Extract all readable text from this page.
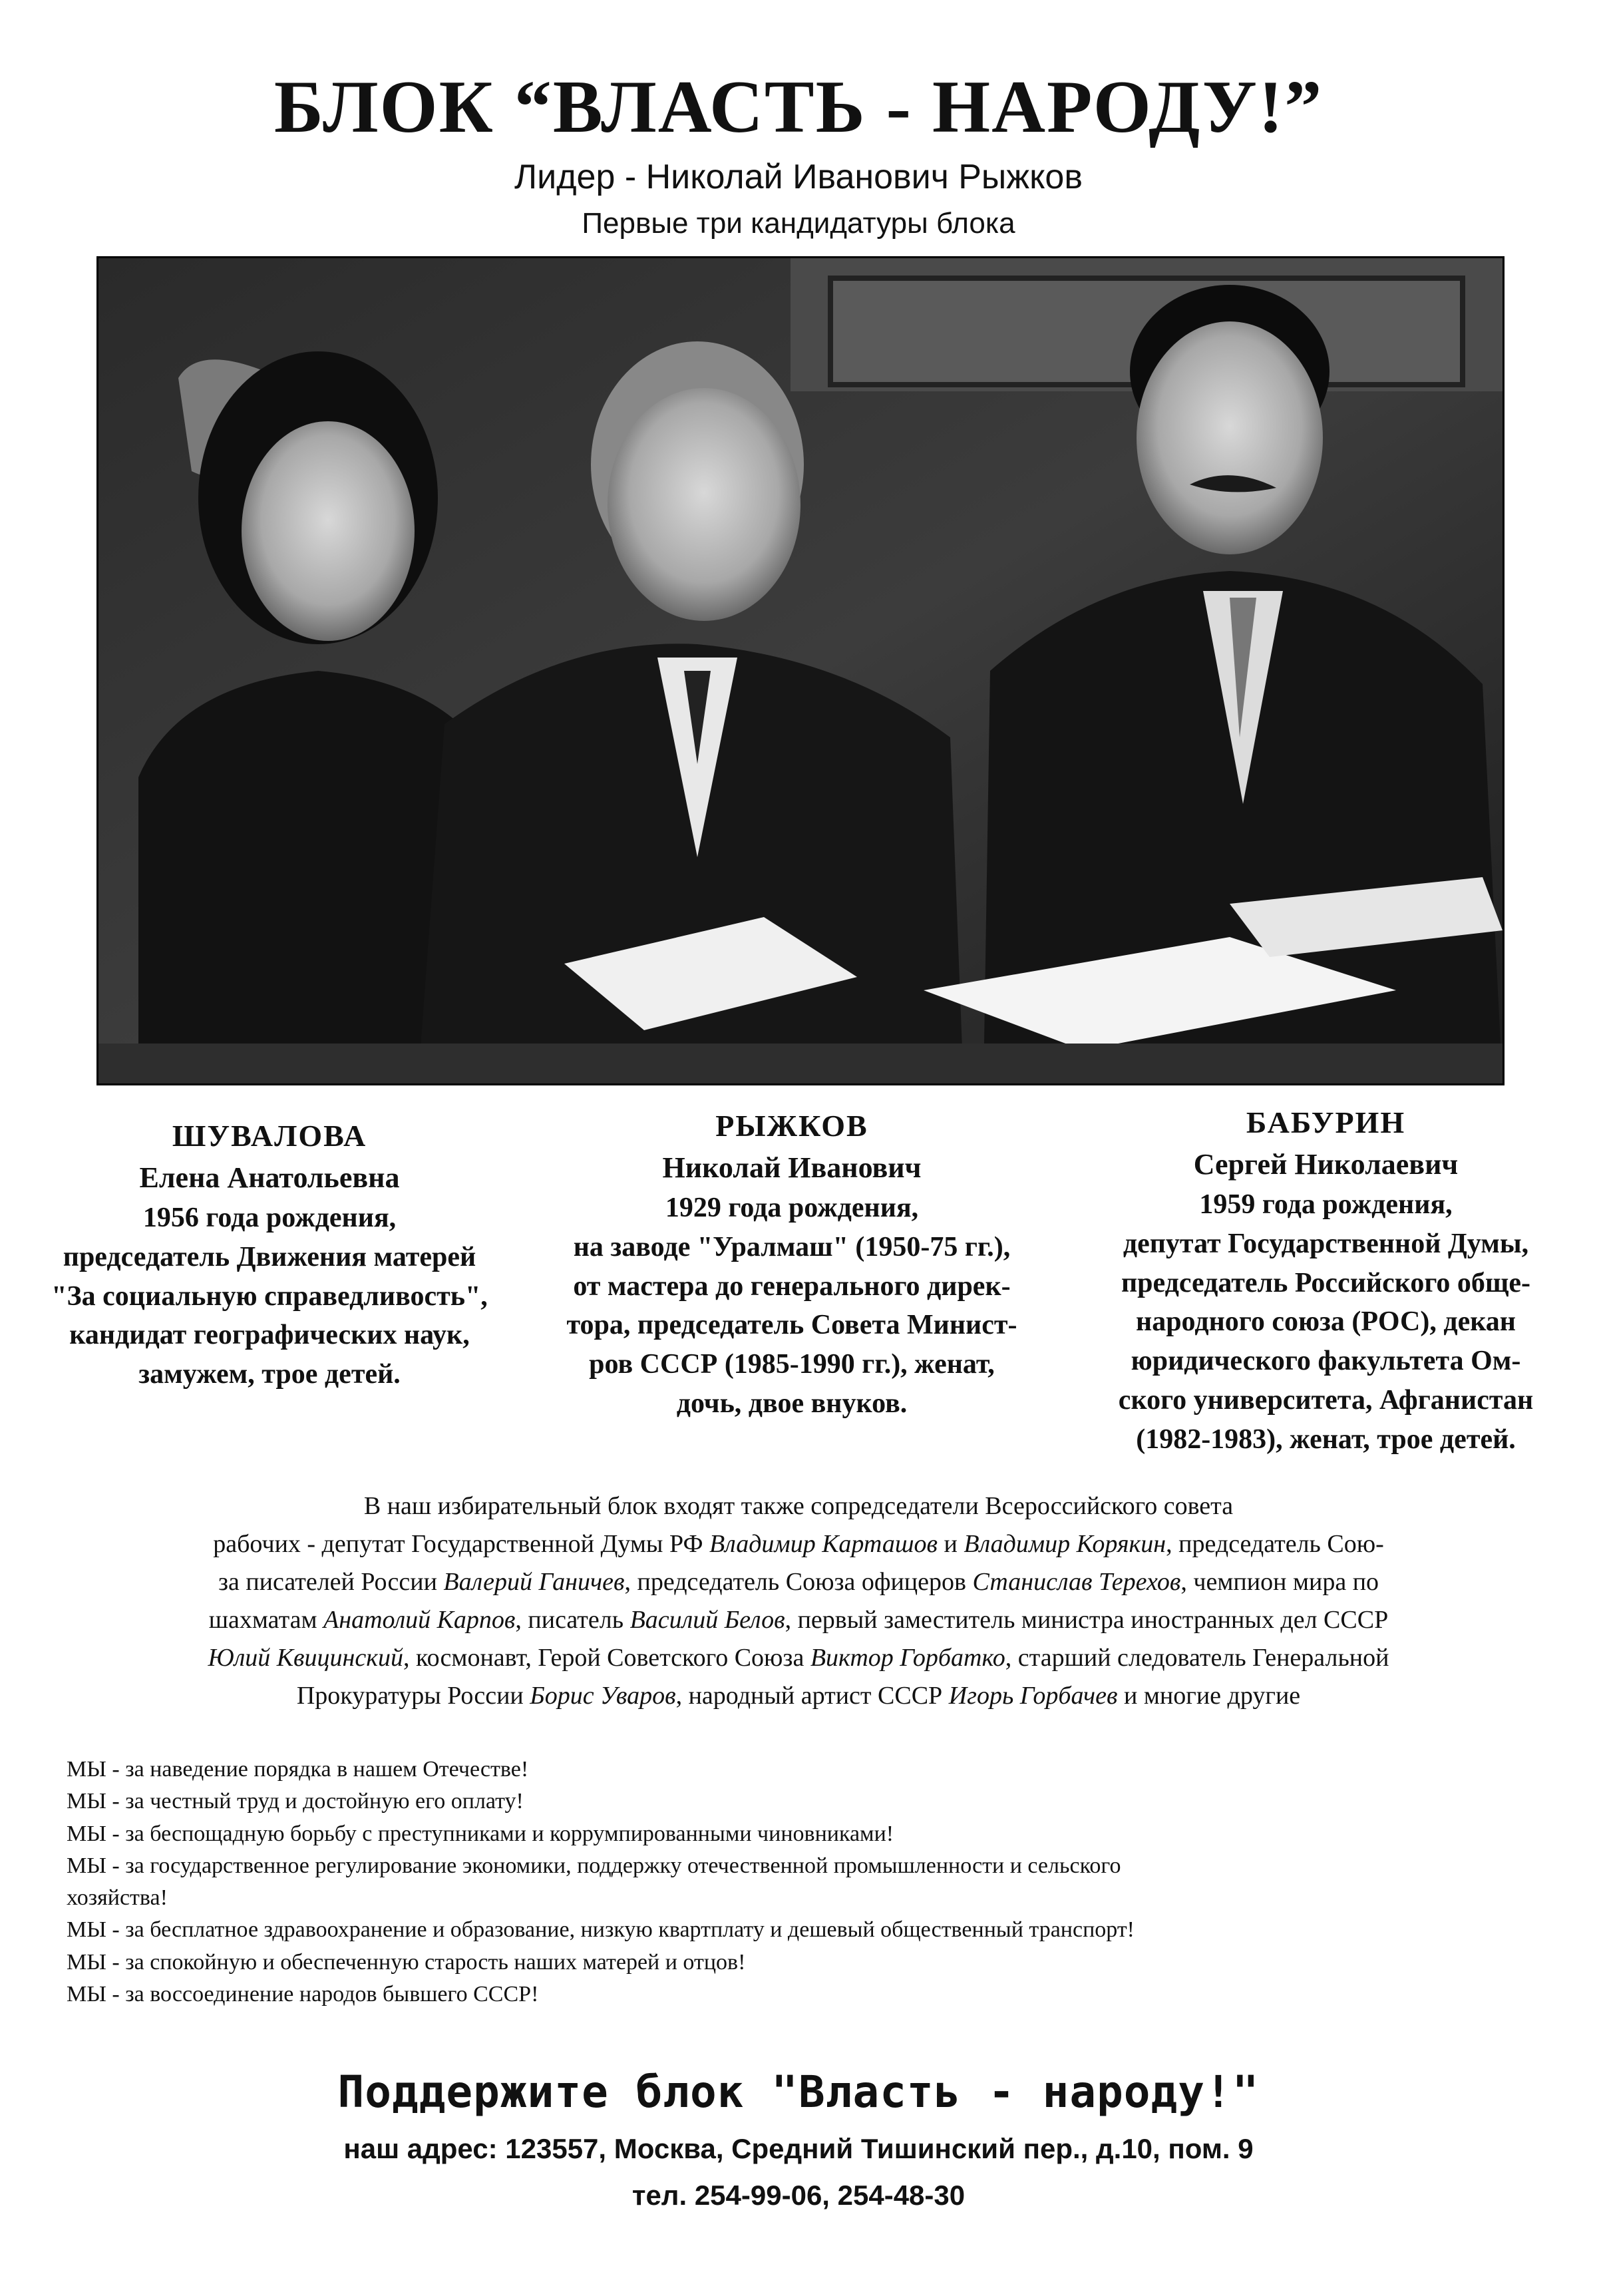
БЛОК “ВЛАСТЬ - НАРОДУ!”
Лидер - Николай Иванович Рыжков
Первые три кандидатуры блока
ШУВАЛОВА
Елена Анатольевна
1956 года рождения,
председатель Движения матерей
"За социальную справедливость",
кандидат географических наук,
замужем, трое детей.
РЫЖКОВ
Николай Иванович
1929 года рождения,
на заводе "Уралмаш" (1950-75 гг.),
от мастера до генерального дирек-
тора, председатель Совета Минист-
ров СССР (1985-1990 гг.), женат,
дочь, двое внуков.
БАБУРИН
Сергей Николаевич
1959 года рождения,
депутат Государственной Думы,
председатель Российского обще-
народного союза (РОС), декан
юридического факультета Ом-
ского университета, Афганистан
(1982-1983), женат, трое детей.
В наш избирательный блок входят также сопредседатели Всероссийского совета
рабочих - депутат Государственной Думы РФ Владимир Карташов и Владимир Корякин, председатель Сою-
за писателей России Валерий Ганичев, председатель Союза офицеров Станислав Терехов, чемпион мира по
шахматам Анатолий Карпов, писатель Василий Белов, первый заместитель министра иностранных дел СССР
Юлий Квицинский, космонавт, Герой Советского Союза Виктор Горбатко, старший следователь Генеральной
Прокуратуры России Борис Уваров, народный артист СССР Игорь Горбачев и многие другие
МЫ - за наведение порядка в нашем Отечестве!
МЫ - за честный труд и достойную его оплату!
МЫ - за беспощадную борьбу с преступниками и коррумпированными чиновниками!
МЫ - за государственное регулирование экономики, поддержку отечественной промышленности и сельского
хозяйства!
МЫ - за бесплатное здравоохранение и образование, низкую квартплату и дешевый общественный транспорт!
МЫ - за спокойную и обеспеченную старость наших матерей и отцов!
МЫ - за воссоединение народов бывшего СССР!
Поддержите блок "Власть - народу!"
наш адрес: 123557, Москва, Средний Тишинский пер., д.10, пом. 9
тел. 254-99-06, 254-48-30
